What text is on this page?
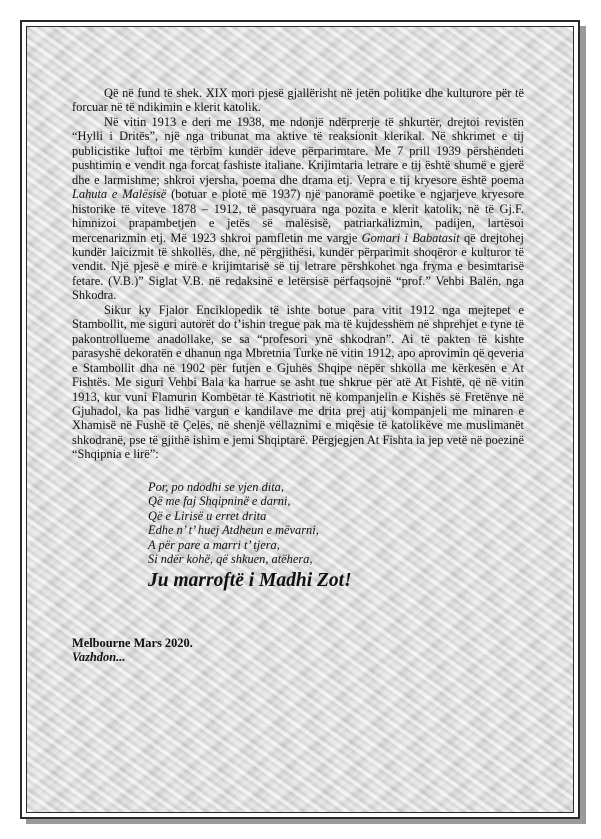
Që në fund të shek. XIX mori pjesë gjallërisht në jetën politike dhe kulturore për të forcuar në të ndikimin e klerit katolik.

Në vitin 1913 e deri me 1938, me ndonjë ndërprerje të shkurtër, drejtoi revistën “Hylli i Dritës”, një nga tribunat ma aktive të reaksionit klerikal. Në shkrimet e tij publicistike luftoi me tërbim kundër ideve përparimtare. Me 7 prill 1939 përshëndeti pushtimin e vendit nga forcat fashiste italiane. Krijimtaria letrare e tij është shumë e gjerë dhe e larmishme; shkroi vjersha, poema dhe drama etj. Vepra e tij kryesore është poema Lahuta e Malësisë (botuar e plotë më 1937) një panoramë poetike e ngjarjeve kryesore historike të viteve 1878 – 1912, të pasqyruara nga pozita e klerit katolik; në të Gj.F. himnizoi prapambetjen e jetës së malësisë, patriarkalizmin, padijen, lartësoi mercenarizmin etj. Më 1923 shkroi pamfletin me vargje Gomari i Babatasit që drejtohej kundër laicizmit të shkollës, dhe, në përgjithësi, kundër përparimit shoqëror e kulturor të vendit. Një pjesë e mirë e krijimtarisë së tij letrare përshkohet nga fryma e besimtarisë fetare. (V.B.)” Siglat V.B. në redaksinë e letërsisë përfaqsojnë “prof.” Vehbi Balën, nga Shkodra.

Sikur ky Fjalor Enciklopedik të ishte botue para vitit 1912 nga mejtepet e Stambollit, me siguri autorët do t’ishin tregue pak ma të kujdesshëm në shprehjet e tyne të pakontrollueme anadollake, se sa “profesori ynë shkodran”. Ai të pakten të kishte parasyshë dekoratën e dhanun nga Mbretnia Turke në vitin 1912, apo aprovimin që qeveria e Stambollit dha në 1902 për futjen e Gjuhës Shqipe nëpër shkolla me kërkesën e At Fishtës. Me siguri Vehbi Bala ka harrue se asht tue shkrue për atë At Fishtë, që në vitin 1913, kur vuni Flamurin Kombëtar të Kastriotit në kompanjelin e Kishës së Fretënve në Gjuhadol, ka pas lidhë vargun e kandilave me drita prej atij kompanjeli me minaren e Xhamisë në Fushë të Çelës, në shenjë vëllaznimi e miqësie të katolikëve me muslimanët shkodranë, pse të gjithë ishim e jemi Shqiptarë. Përgjegjen At Fishta ia jep vetë në poezinë “Shqipnia e lirë”:

Por, po ndodhi se vjen dita,
Që me faj Shqipninë e darni,
Që e Lirisë u erret drita
Edhe n’ t’ huej Atdheun e mëvarni,
A për pare a marri t’ tjera,
Si ndër kohë, që shkuen, atëhera,
Ju marroftë i Madhi Zot!
Melbourne Mars 2020.
Vazhdon...
